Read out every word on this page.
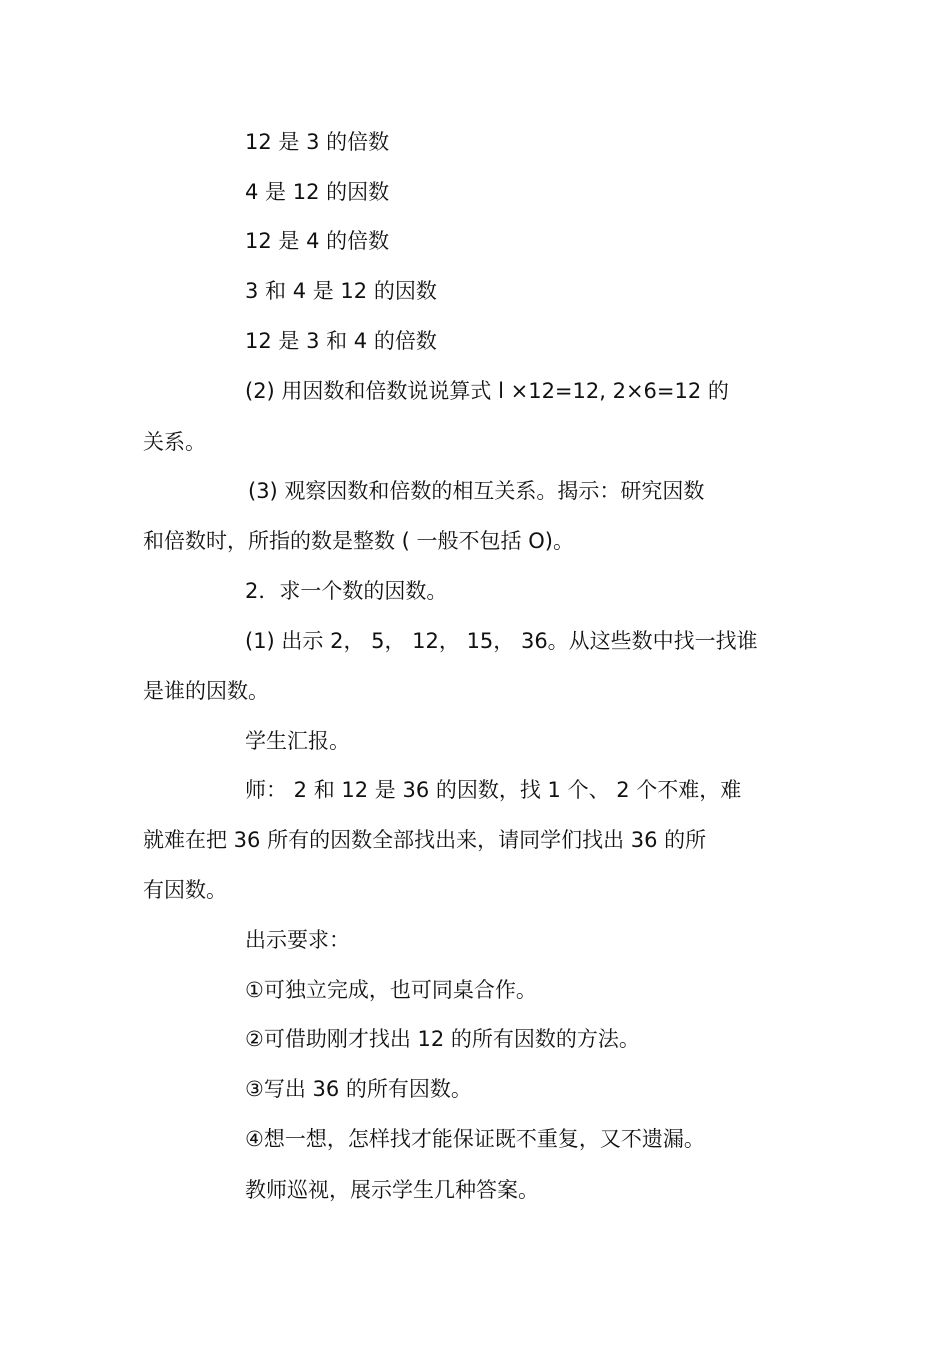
12 是 3 的倍数
4 是 12 的因数
12 是 4 的倍数
3 和 4 是 12 的因数
12 是 3 和 4 的倍数
(2) 用因数和倍数说说算式 l ×12=12, 2×6=12 的
关系。
(3) 观察因数和倍数的相互关系。揭示：研究因数
和倍数时，所指的数是整数 ( 一般不包括 O)。
2．求一个数的因数。
(1) 出示 2， 5， 12， 15， 36。从这些数中找一找谁
是谁的因数。
学生汇报。
师： 2 和 12 是 36 的因数，找 1 个、 2 个不难，难
就难在把 36 所有的因数全部找出来，请同学们找出 36 的所
有因数。
出示要求：
①可独立完成，也可同桌合作。
②可借助刚才找出 12 的所有因数的方法。
③写出 36 的所有因数。
④想一想，怎样找才能保证既不重复，又不遗漏。
教师巡视，展示学生几种答案。
